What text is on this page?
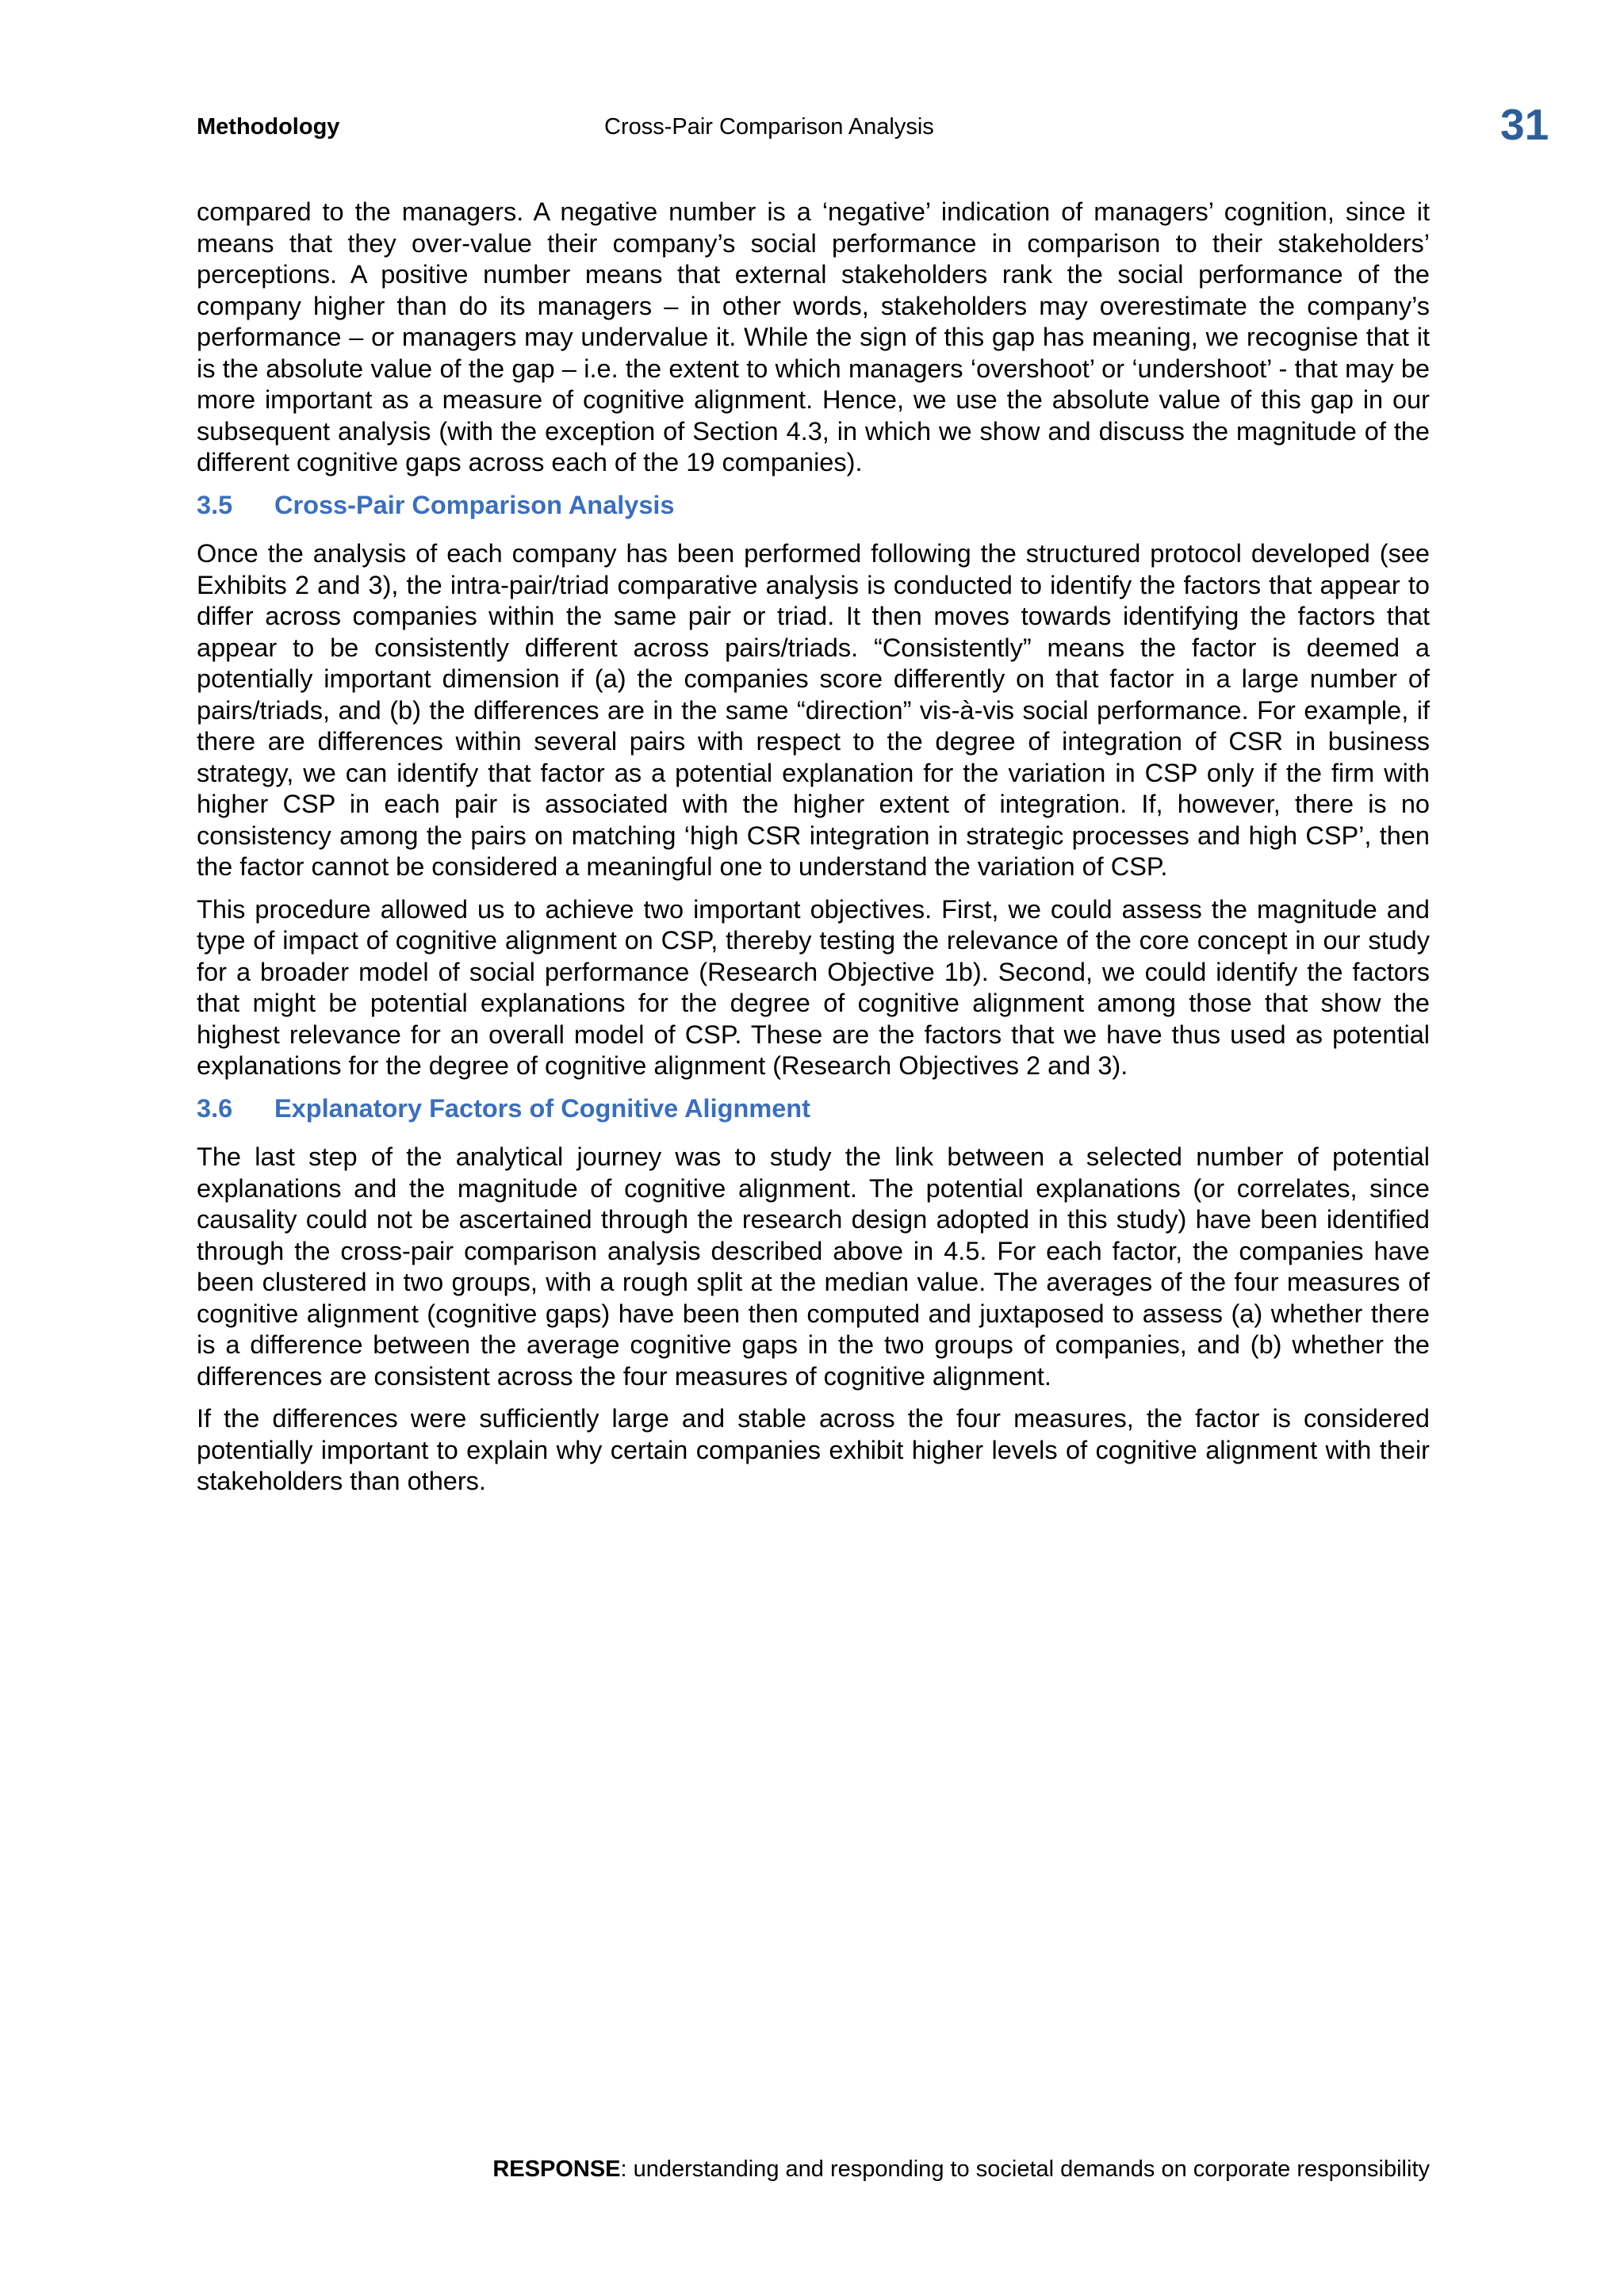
Methodology	Cross-Pair Comparison Analysis	31

compared to the managers. A negative number is a ‘negative’ indication of managers’ cognition, since it means that they over-value their company’s social performance in comparison to their stakeholders’ perceptions. A positive number means that external stakeholders rank the social performance of the company higher than do its managers – in other words, stakeholders may overestimate the company’s performance – or managers may undervalue it. While the sign of this gap has meaning, we recognise that it is the absolute value of the gap – i.e. the extent to which managers ‘overshoot’ or ‘undershoot’ - that may be more important as a measure of cognitive alignment. Hence, we use the absolute value of this gap in our subsequent analysis (with the exception of Section 4.3, in which we show and discuss the magnitude of the different cognitive gaps across each of the 19 companies).

3.5 Cross-Pair Comparison Analysis

Once the analysis of each company has been performed following the structured protocol developed (see Exhibits 2 and 3), the intra-pair/triad comparative analysis is conducted to identify the factors that appear to differ across companies within the same pair or triad. It then moves towards identifying the factors that appear to be consistently different across pairs/triads. “Consistently” means the factor is deemed a potentially important dimension if (a) the companies score differently on that factor in a large number of pairs/triads, and (b) the differences are in the same “direction” vis-à-vis social performance. For example, if there are differences within several pairs with respect to the degree of integration of CSR in business strategy, we can identify that factor as a potential explanation for the variation in CSP only if the firm with higher CSP in each pair is associated with the higher extent of integration. If, however, there is no consistency among the pairs on matching ‘high CSR integration in strategic processes and high CSP’, then the factor cannot be considered a meaningful one to understand the variation of CSP.

This procedure allowed us to achieve two important objectives. First, we could assess the magnitude and type of impact of cognitive alignment on CSP, thereby testing the relevance of the core concept in our study for a broader model of social performance (Research Objective 1b). Second, we could identify the factors that might be potential explanations for the degree of cognitive alignment among those that show the highest relevance for an overall model of CSP. These are the factors that we have thus used as potential explanations for the degree of cognitive alignment (Research Objectives 2 and 3).

3.6 Explanatory Factors of Cognitive Alignment

The last step of the analytical journey was to study the link between a selected number of potential explanations and the magnitude of cognitive alignment. The potential explanations (or correlates, since causality could not be ascertained through the research design adopted in this study) have been identified through the cross-pair comparison analysis described above in 4.5. For each factor, the companies have been clustered in two groups, with a rough split at the median value. The averages of the four measures of cognitive alignment (cognitive gaps) have been then computed and juxtaposed to assess (a) whether there is a difference between the average cognitive gaps in the two groups of companies, and (b) whether the differences are consistent across the four measures of cognitive alignment.

If the differences were sufficiently large and stable across the four measures, the factor is considered potentially important to explain why certain companies exhibit higher levels of cognitive alignment with their stakeholders than others.

RESPONSE: understanding and responding to societal demands on corporate responsibility
